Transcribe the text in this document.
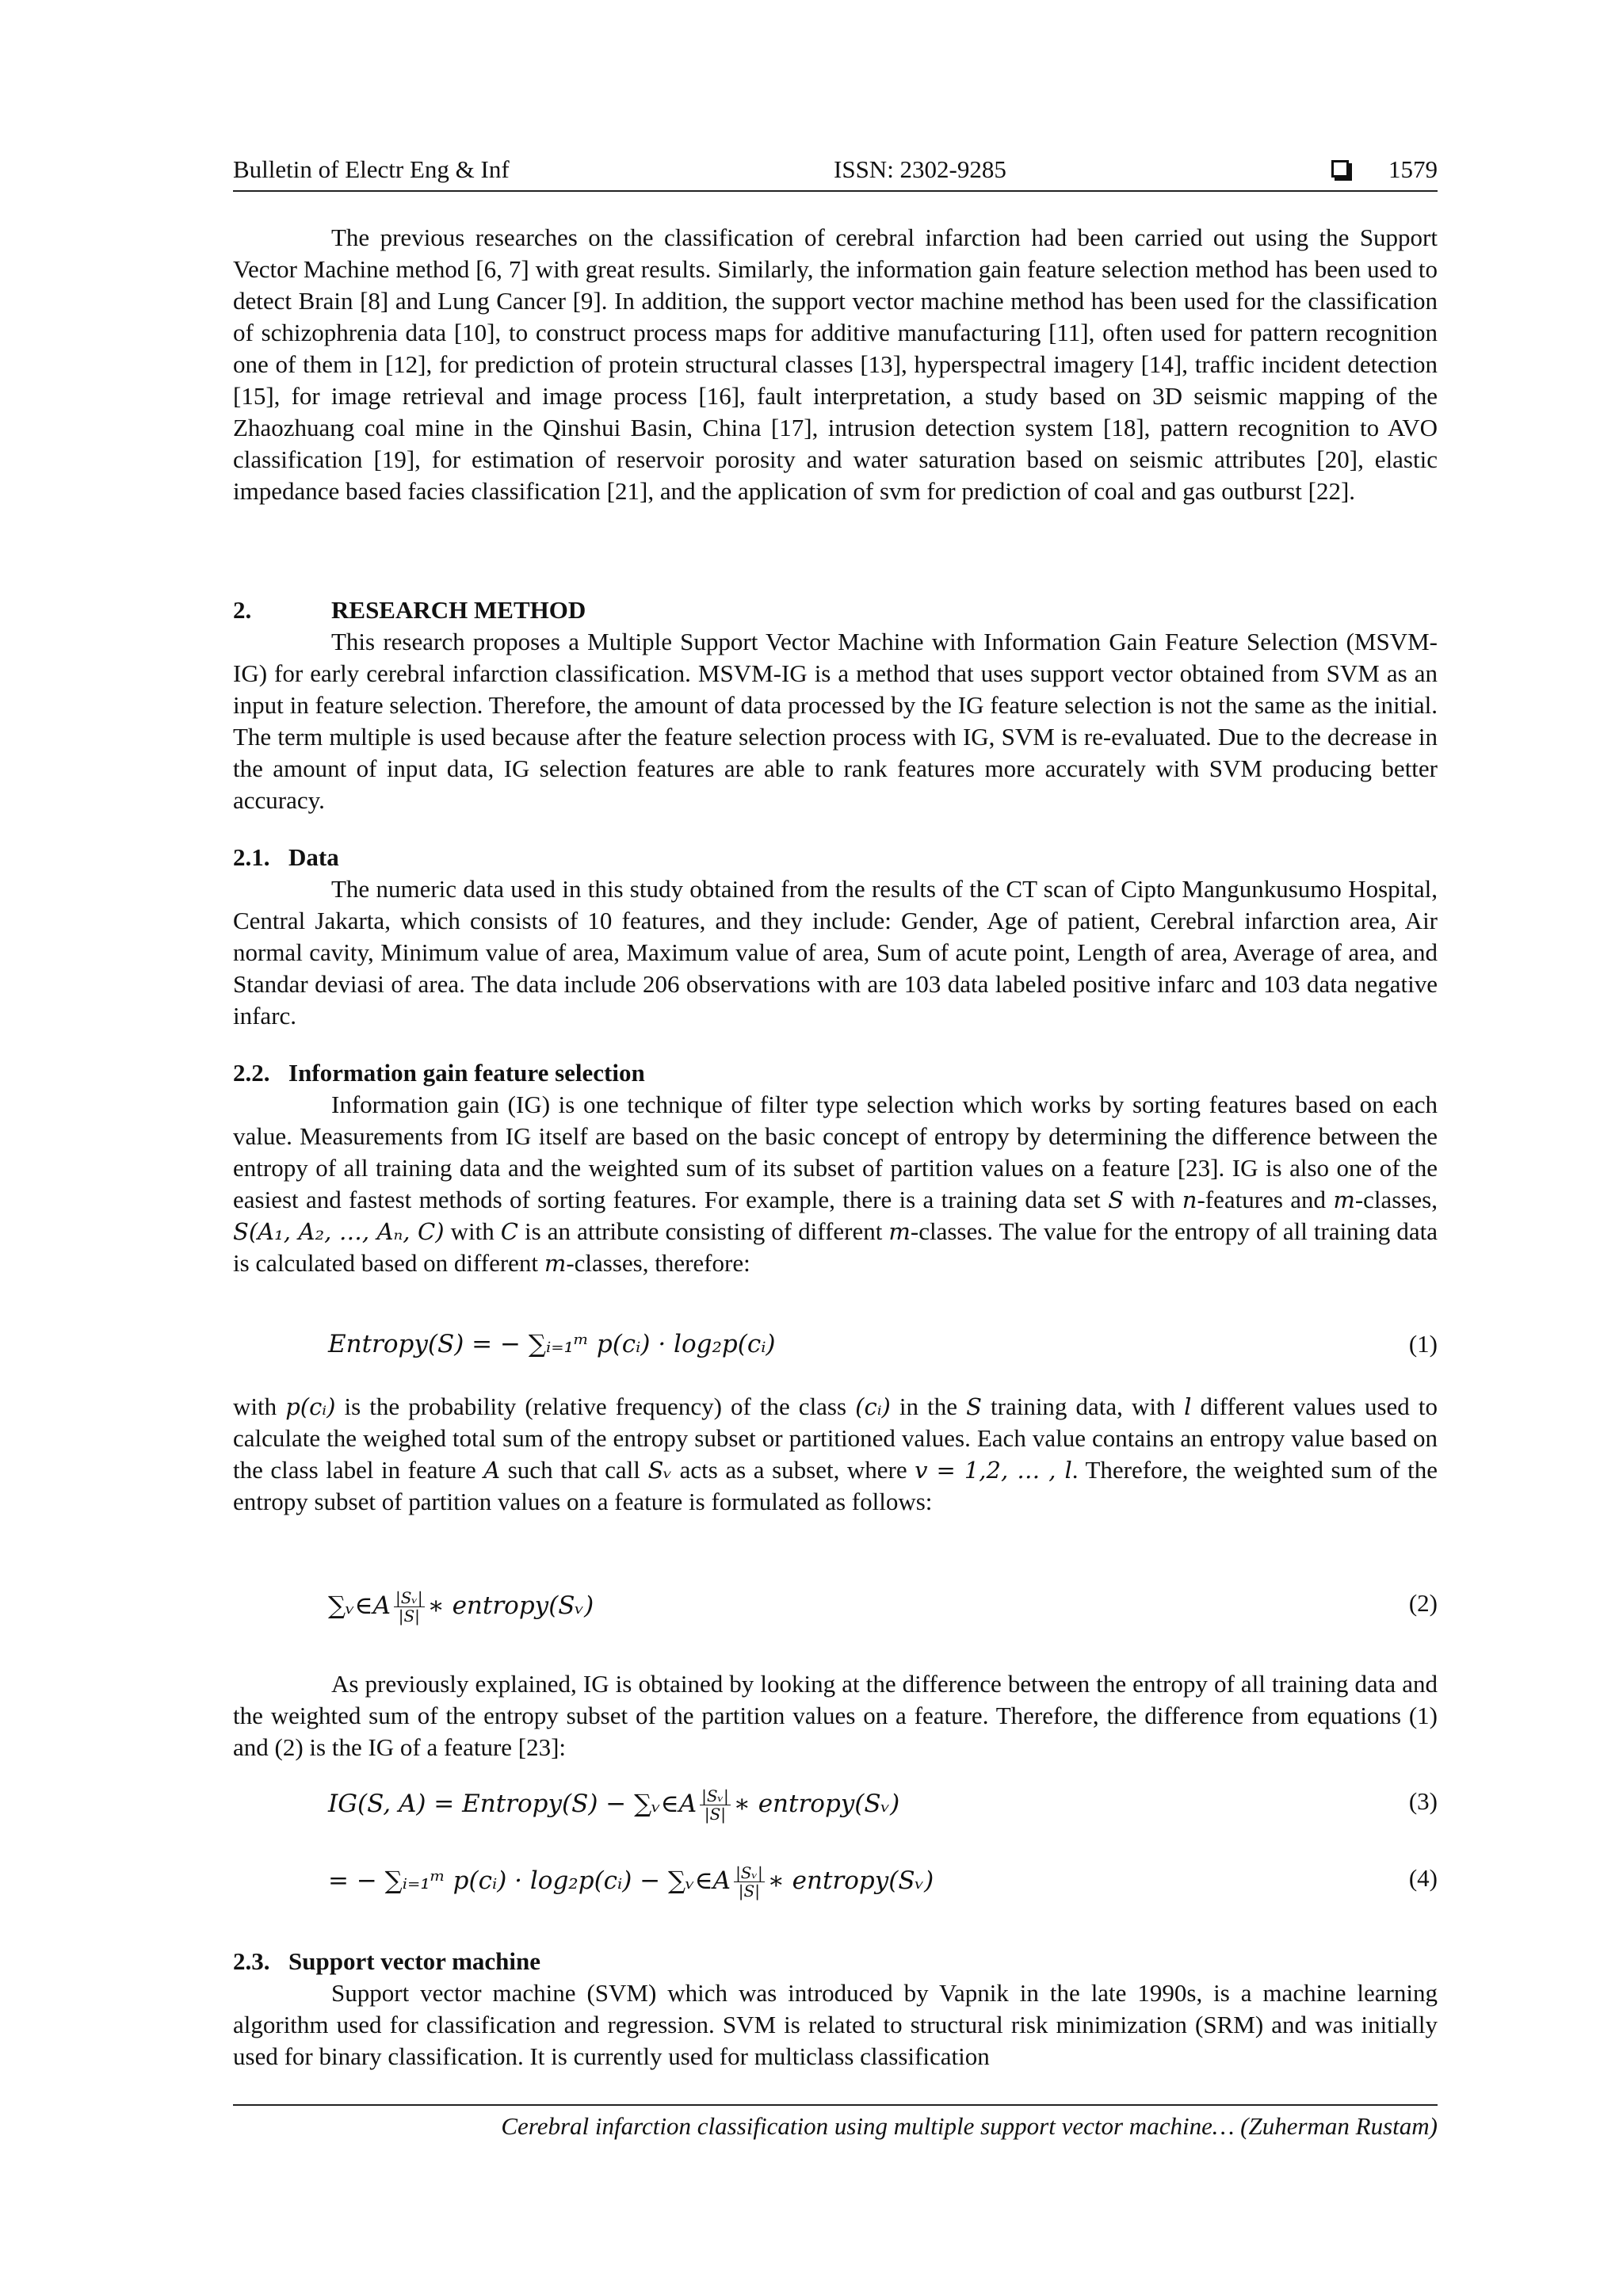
Bulletin of Electr Eng & Inf	ISSN: 2302-9285	1579

The previous researches on the classification of cerebral infarction had been carried out using the Support Vector Machine method [6, 7] with great results. Similarly, the information gain feature selection method has been used to detect Brain [8] and Lung Cancer [9]. In addition, the support vector machine method has been used for the classification of schizophrenia data [10], to construct process maps for additive manufacturing [11], often used for pattern recognition one of them in [12], for prediction of protein structural classes [13], hyperspectral imagery [14], traffic incident detection [15], for image retrieval and image process [16], fault interpretation, a study based on 3D seismic mapping of the Zhaozhuang coal mine in the Qinshui Basin, China [17], intrusion detection system [18], pattern recognition to AVO classification [19], for estimation of reservoir porosity and water saturation based on seismic attributes [20], elastic impedance based facies classification [21], and the application of svm for prediction of coal and gas outburst [22].

2.	RESEARCH METHOD

This research proposes a Multiple Support Vector Machine with Information Gain Feature Selection (MSVM-IG) for early cerebral infarction classification. MSVM-IG is a method that uses support vector obtained from SVM as an input in feature selection. Therefore, the amount of data processed by the IG feature selection is not the same as the initial. The term multiple is used because after the feature selection process with IG, SVM is re-evaluated. Due to the decrease in the amount of input data, IG selection features are able to rank features more accurately with SVM producing better accuracy.

2.1. Data

The numeric data used in this study obtained from the results of the CT scan of Cipto Mangunkusumo Hospital, Central Jakarta, which consists of 10 features, and they include: Gender, Age of patient, Cerebral infarction area, Air normal cavity, Minimum value of area, Maximum value of area, Sum of acute point, Length of area, Average of area, and Standar deviasi of area. The data include 206 observations with are 103 data labeled positive infarc and 103 data negative infarc.

2.2. Information gain feature selection

Information gain (IG) is one technique of filter type selection which works by sorting features based on each value. Measurements from IG itself are based on the basic concept of entropy by determining the difference between the entropy of all training data and the weighted sum of its subset of partition values on a feature [23]. IG is also one of the easiest and fastest methods of sorting features. For example, there is a training data set S with n-features and m-classes, S(A₁, A₂, …, Aₙ, C) with C is an attribute consisting of different m-classes. The value for the entropy of all training data is calculated based on different m-classes, therefore:

Entropy(S) = − ∑ᵢ₌₁ᵐ p(cᵢ) · log₂p(cᵢ)	(1)

with p(cᵢ) is the probability (relative frequency) of the class (cᵢ) in the S training data, with l different values used to calculate the weighed total sum of the entropy subset or partitioned values. Each value contains an entropy value based on the class label in feature A such that call Sᵥ acts as a subset, where v = 1,2, … , l. Therefore, the weighted sum of the entropy subset of partition values on a feature is formulated as follows:

∑ᵥ∈A $\frac{\text{|Sᵥ|}}{|S|}$ ∗ entropy(Sᵥ)	(2)

As previously explained, IG is obtained by looking at the difference between the entropy of all training data and the weighted sum of the entropy subset of the partition values on a feature. Therefore, the difference from equations (1) and (2) is the IG of a feature [23]:

IG(S, A) = Entropy(S) − ∑ᵥ∈A $\frac{\text{|Sᵥ|}}{|S|}$ ∗ entropy(Sᵥ)	(3)
= − ∑ᵢ₌₁ᵐ p(cᵢ) · log₂p(cᵢ) − ∑ᵥ∈A $\frac{\text{|Sᵥ|}}{|S|}$ ∗ entropy(Sᵥ)	(4)
2.3. Support vector machine

Support vector machine (SVM) which was introduced by Vapnik in the late 1990s, is a machine learning algorithm used for classification and regression. SVM is related to structural risk minimization (SRM) and was initially used for binary classification. It is currently used for multiclass classification

Cerebral infarction classification using multiple support vector machine… (Zuherman Rustam)
